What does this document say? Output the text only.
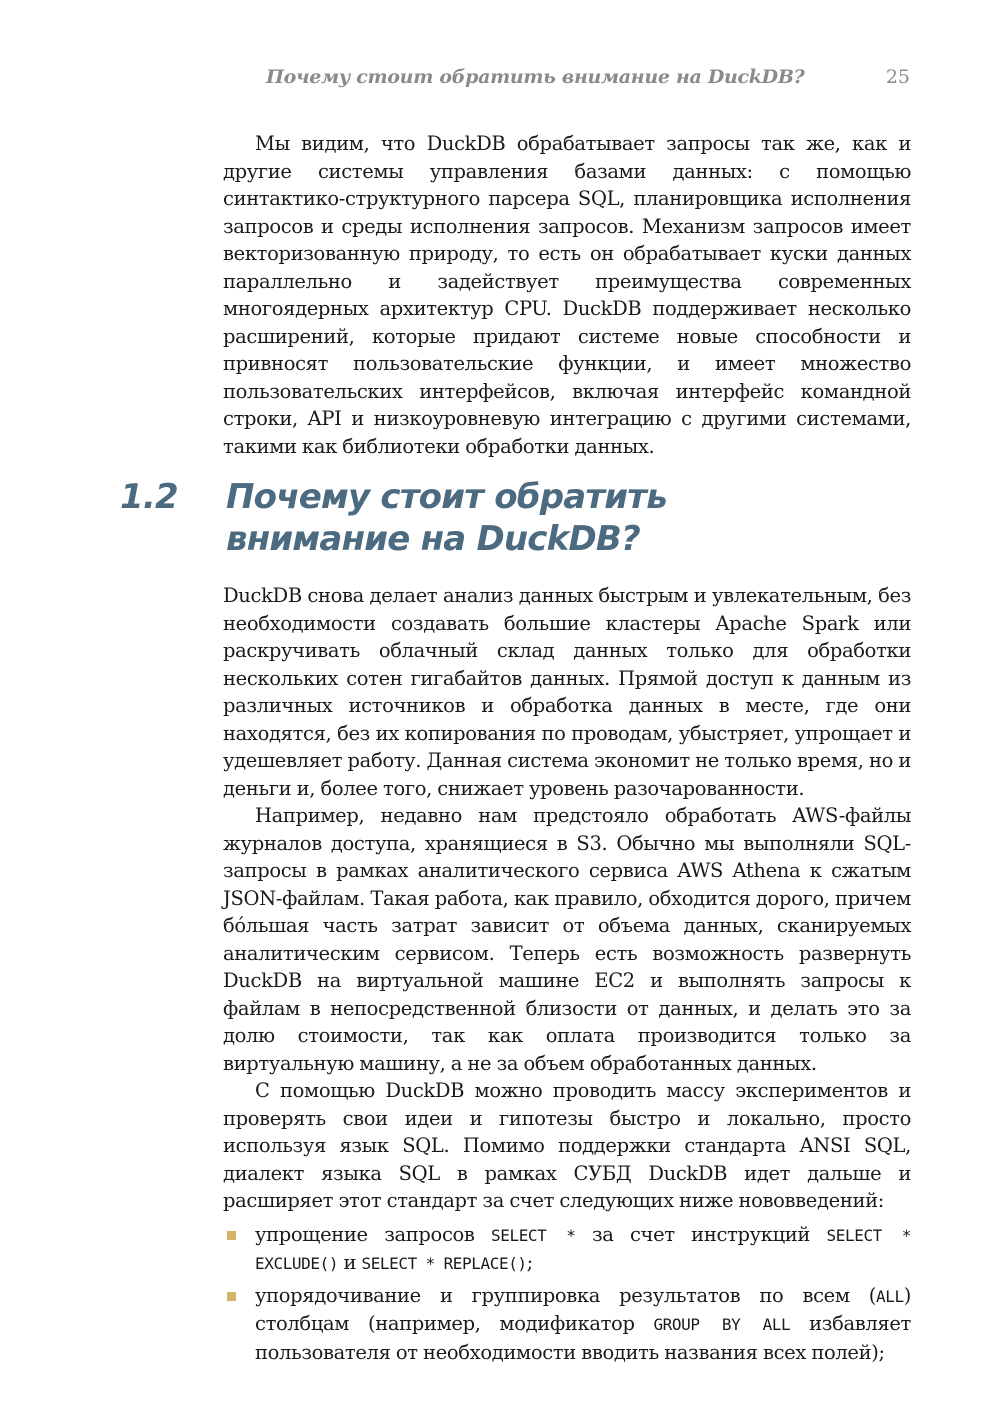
Почему стоит обратить внимание на DuckDB?	25

Мы видим, что DuckDB обрабатывает запросы так же, как и другие системы управления базами данных: с помощью синтактико-структурного парсера SQL, планировщика исполнения запросов и среды исполнения запросов. Механизм запросов имеет векторизованную природу, то есть он обрабатывает куски данных параллельно и задействует преимущества современных многоядерных архитектур CPU. DuckDB поддерживает несколько расширений, которые придают системе новые способности и привносят пользовательские функции, и имеет множество пользовательских интерфейсов, включая интерфейс командной строки, API и низкоуровневую интеграцию с другими системами, такими как библиотеки обработки данных.

1.2 Почему стоит обратить внимание на DuckDB?

DuckDB снова делает анализ данных быстрым и увлекательным, без необходимости создавать большие кластеры Apache Spark или раскручивать облачный склад данных только для обработки нескольких сотен гигабайтов данных. Прямой доступ к данным из различных источников и обработка данных в месте, где они находятся, без их копирования по проводам, убыстряет, упрощает и удешевляет работу. Данная система экономит не только время, но и деньги и, более того, снижает уровень разочарованности.

Например, недавно нам предстояло обработать AWS-файлы журналов доступа, хранящиеся в S3. Обычно мы выполняли SQL-запросы в рамках аналитического сервиса AWS Athena к сжатым JSON-файлам. Такая работа, как правило, обходится дорого, причем бóльшая часть затрат зависит от объема данных, сканируемых аналитическим сервисом. Теперь есть возможность развернуть DuckDB на виртуальной машине EC2 и выполнять запросы к файлам в непосредственной близости от данных, и делать это за долю стоимости, так как оплата производится только за виртуальную машину, а не за объем обработанных данных.

С помощью DuckDB можно проводить массу экспериментов и проверять свои идеи и гипотезы быстро и локально, просто используя язык SQL. Помимо поддержки стандарта ANSI SQL, диалект языка SQL в рамках СУБД DuckDB идет дальше и расширяет этот стандарт за счет следующих ниже нововведений:

упрощение запросов SELECT * за счет инструкций SELECT * EXCLUDE() и SELECT * REPLACE();
упорядочивание и группировка результатов по всем (ALL) столбцам (например, модификатор GROUP BY ALL избавляет пользователя от необходимости вводить названия всех полей);
